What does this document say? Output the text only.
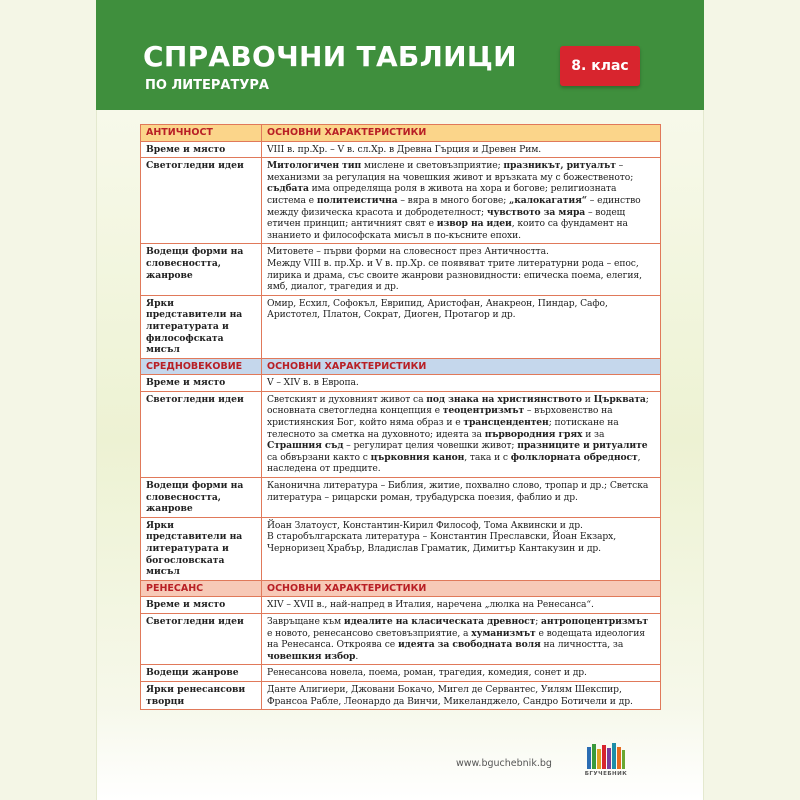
СПРАВОЧНИ ТАБЛИЦИ
ПО ЛИТЕРАТУРА
8. клас
АНТИЧНОСТ	ОСНОВНИ ХАРАКТЕРИСТИКИ
Време и място	VIII в. пр.Хр. – V в. сл.Хр. в Древна Гърция и Древен Рим.
Светогледни идеи	Митологичен тип мислене и световъзприятие; празникът, ритуалът – механизми за регулация на човешкия живот и връзката му с божественото; съдбата има определяща роля в живота на хора и богове; религиозната система е политеистична – вяра в много богове; „калокагатия“ – единство между физическа красота и добродетелност; чувството за мяра – водещ етичен принцип; античният свят е извор на идеи, които са фундамент на знанието и философската мисъл в по-късните епохи.
Водещи форми на словесността, жанрове	Митовете – първи форми на словесност през Античността.
Между VIII в. пр.Хр. и V в. пр.Хр. се появяват трите литературни рода – епос, лирика и драма, със своите жанрови разновидности: епическа поема, елегия, ямб, диалог, трагедия и др.
Ярки представители на литературата и философската мисъл	Омир, Есхил, Софокъл, Еврипид, Аристофан, Анакреон, Пиндар, Сафо, Аристотел, Платон, Сократ, Диоген, Протагор и др.
СРЕДНОВЕКОВИЕ	ОСНОВНИ ХАРАКТЕРИСТИКИ
Време и място	V – XIV в. в Европа.
Светогледни идеи	Светският и духовният живот са под знака на християнството и Църквата; основната светогледна концепция е теоцентризмът – върховенство на християнския Бог, който няма образ и е трансцендентен; потискане на телесното за сметка на духовното; идеята за първородния грях и за Страшния съд – регулират целия човешки живот; празниците и ритуалите са обвързани както с църковния канон, така и с фолклорната обредност, наследена от предците.
Водещи форми на словесността, жанрове	Канонична литература – Библия, житие, похвално слово, тропар и др.; Светска литература – рицарски роман, трубадурска поезия, фаблио и др.
Ярки представители на литературата и богословската мисъл	Йоан Златоуст, Константин-Кирил Философ, Тома Аквински и др.
В старобългарската литература – Константин Преславски, Йоан Екзарх, Черноризец Храбър, Владислав Граматик, Димитър Кантакузин и др.
РЕНЕСАНС	ОСНОВНИ ХАРАКТЕРИСТИКИ
Време и място	XIV – XVII в., най-напред в Италия, наречена „люлка на Ренесанса“.
Светогледни идеи	Завръщане към идеалите на класическата древност; антропоцентризмът е новото, ренесансово световъзприятие, а хуманизмът е водещата идеология на Ренесанса. Откроява се идеята за свободната воля на личността, за човешкия избор.
Водещи жанрове	Ренесансова новела, поема, роман, трагедия, комедия, сонет и др.
Ярки ренесансови творци	Данте Алигиери, Джовани Бокачо, Мигел де Сервантес, Уилям Шекспир, Франсоа Рабле, Леонардо да Винчи, Микеланджело, Сандро Ботичели и др.
www.bguchebnik.bg
БГУЧЕБНИК
